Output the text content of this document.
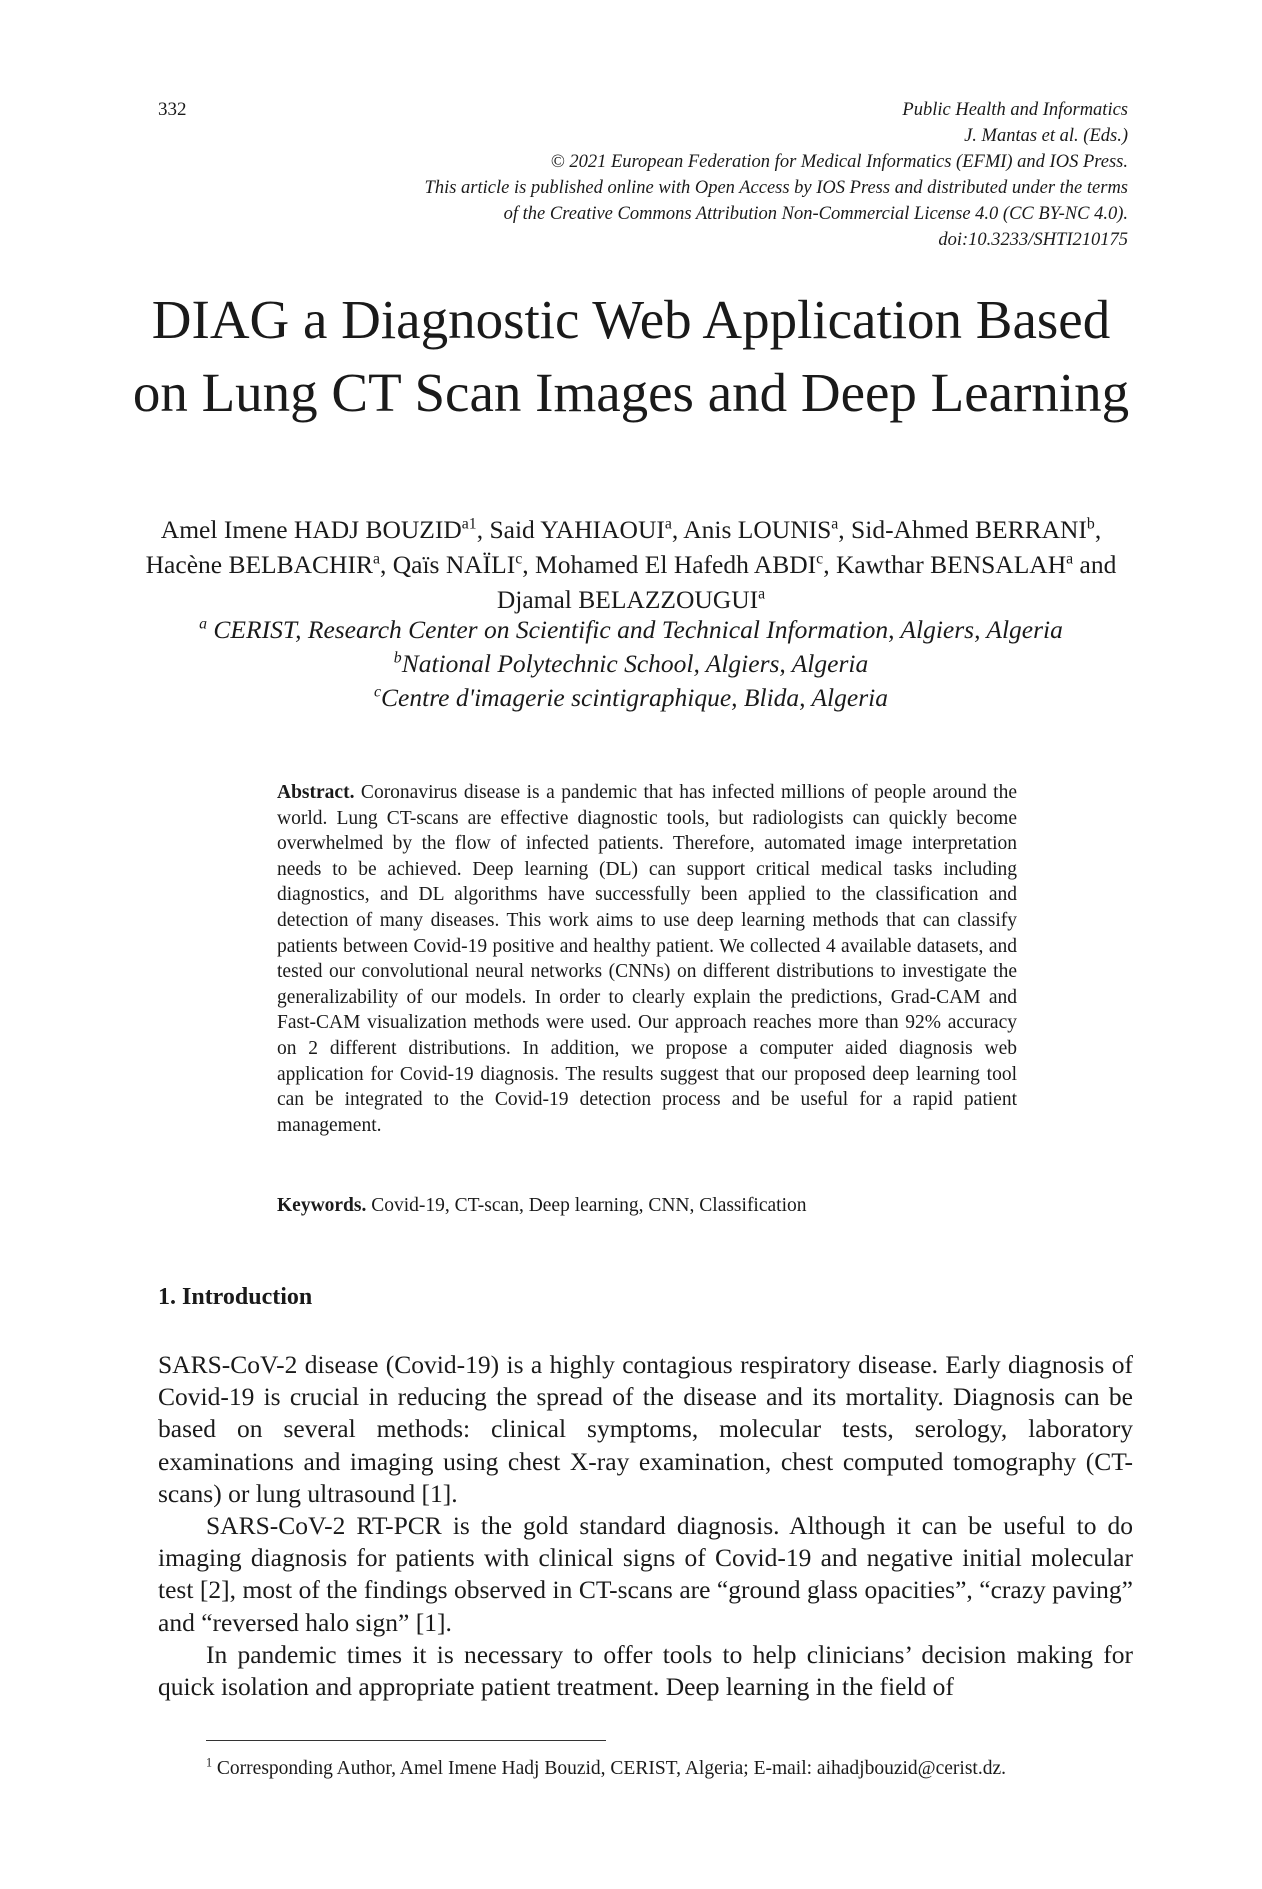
332	Public Health and Informatics
J. Mantas et al. (Eds.)
© 2021 European Federation for Medical Informatics (EFMI) and IOS Press.
This article is published online with Open Access by IOS Press and distributed under the terms
of the Creative Commons Attribution Non-Commercial License 4.0 (CC BY-NC 4.0).
doi:10.3233/SHTI210175
DIAG a Diagnostic Web Application Based on Lung CT Scan Images and Deep Learning
Amel Imene HADJ $BOUZID^{a1}$, Said YAHIAOUI$^a$, Anis LOUNIS$^a$, Sid-Ahmed BERRANI$^b$, Hacène BELBACHIR$^a$, Qaïs NAÏLI$^c$, Mohamed El Hafedh ABDI$^c$, Kawthar BENSALAH$^a$ and Djamal BELAZZOUGUI$^a$
$^a$ CERIST, Research Center on Scientific and Technical Information, Algiers, Algeria
$^b$National Polytechnic School, Algiers, Algeria
$^c$Centre d'imagerie scintigraphique, Blida, Algeria

Abstract. Coronavirus disease is a pandemic that has infected millions of people around the world. Lung CT-scans are effective diagnostic tools, but radiologists can quickly become overwhelmed by the flow of infected patients. Therefore, automated image interpretation needs to be achieved. Deep learning (DL) can support critical medical tasks including diagnostics, and DL algorithms have successfully been applied to the classification and detection of many diseases. This work aims to use deep learning methods that can classify patients between Covid-19 positive and healthy patient. We collected 4 available datasets, and tested our convolutional neural networks (CNNs) on different distributions to investigate the generalizability of our models. In order to clearly explain the predictions, Grad-CAM and Fast-CAM visualization methods were used. Our approach reaches more than 92% accuracy on 2 different distributions. In addition, we propose a computer aided diagnosis web application for Covid-19 diagnosis. The results suggest that our proposed deep learning tool can be integrated to the Covid-19 detection process and be useful for a rapid patient management.

Keywords. Covid-19, CT-scan, Deep learning, CNN, Classification
1. Introduction

SARS-CoV-2 disease (Covid-19) is a highly contagious respiratory disease. Early diagnosis of Covid-19 is crucial in reducing the spread of the disease and its mortality. Diagnosis can be based on several methods: clinical symptoms, molecular tests, serology, laboratory examinations and imaging using chest X-ray examination, chest computed tomography (CT-scans) or lung ultrasound [1].

SARS-CoV-2 RT-PCR is the gold standard diagnosis. Although it can be useful to do imaging diagnosis for patients with clinical signs of Covid-19 and negative initial molecular test [2], most of the findings observed in CT-scans are “ground glass opacities”, “crazy paving” and “reversed halo sign” [1].

In pandemic times it is necessary to offer tools to help clinicians’ decision making for quick isolation and appropriate patient treatment. Deep learning in the field of

$^1$ Corresponding Author, Amel Imene Hadj Bouzid, CERIST, Algeria; E-mail: aihadjbouzid@cerist.dz.
